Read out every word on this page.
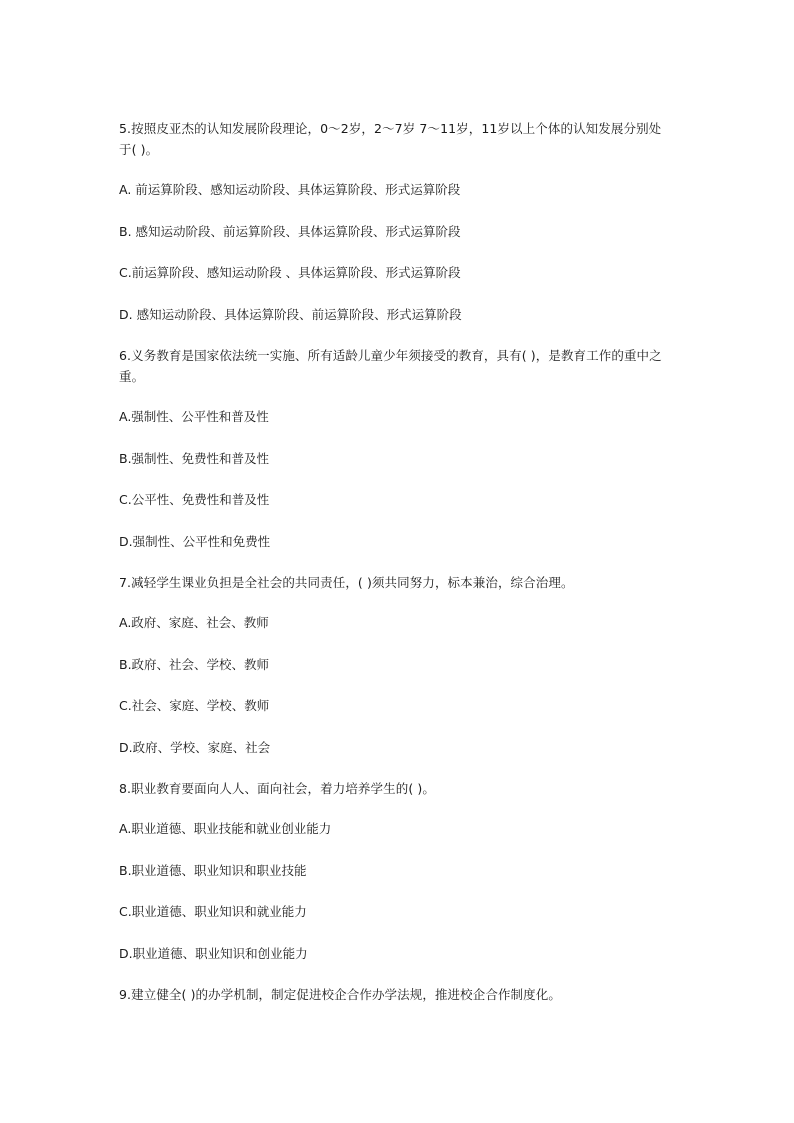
5.按照皮亚杰的认知发展阶段理论，0～2岁，2～7岁 7～11岁，11岁以上个体的认知发展分别处于( )。

A. 前运算阶段、感知运动阶段、具体运算阶段、形式运算阶段

B. 感知运动阶段、前运算阶段、具体运算阶段、形式运算阶段

C.前运算阶段、感知运动阶段 、具体运算阶段、形式运算阶段

D. 感知运动阶段、具体运算阶段、前运算阶段、形式运算阶段

6.义务教育是国家依法统一实施、所有适龄儿童少年须接受的教育，具有( )，是教育工作的重中之重。

A.强制性、公平性和普及性

B.强制性、免费性和普及性

C.公平性、免费性和普及性

D.强制性、公平性和免费性

7.减轻学生课业负担是全社会的共同责任，( )须共同努力，标本兼治，综合治理。

A.政府、家庭、社会、教师

B.政府、社会、学校、教师

C.社会、家庭、学校、教师

D.政府、学校、家庭、社会

8.职业教育要面向人人、面向社会，着力培养学生的( )。

A.职业道德、职业技能和就业创业能力

B.职业道德、职业知识和职业技能

C.职业道德、职业知识和就业能力

D.职业道德、职业知识和创业能力

9.建立健全( )的办学机制，制定促进校企合作办学法规，推进校企合作制度化。
